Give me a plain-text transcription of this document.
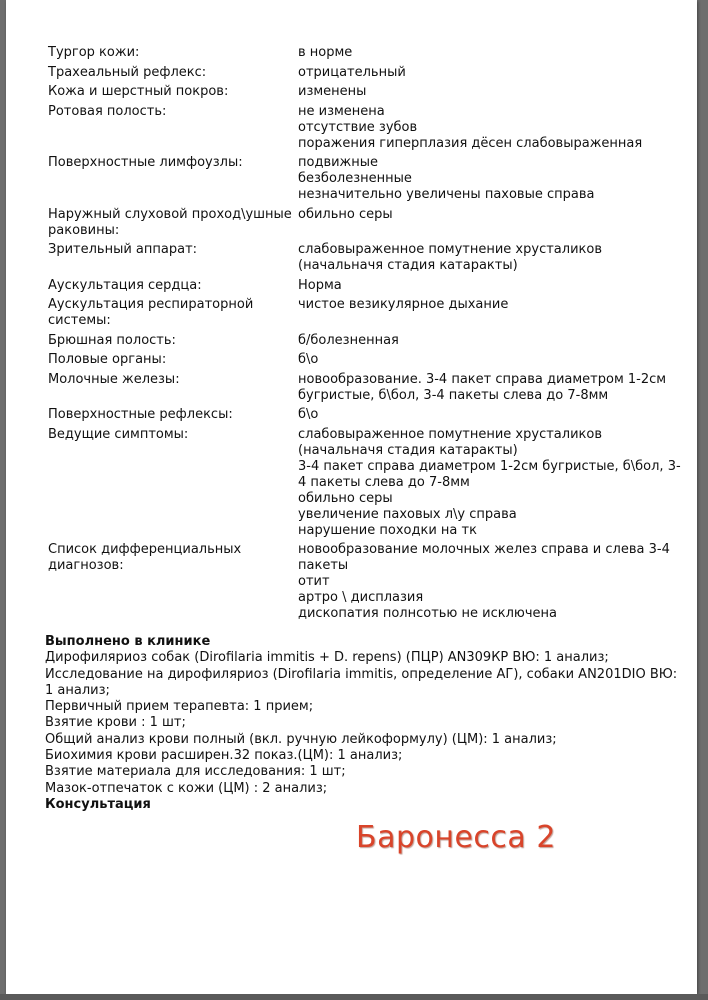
Тургор кожи:	в норме
Трахеальный рефлекс:	отрицательный
Кожа и шерстный покров:	изменены
Ротовая полость:	не изменена
отсутствие зубов
поражения гиперплазия дёсен слабовыраженная
Поверхностные лимфоузлы:	подвижные
безболезненные
незначительно увеличены паховые справа
Наружный слуховой проход\ушные раковины:
обильно серы
Зрительный аппарат:	слабовыраженное помутнение хрусталиков (начальначя стадия катаракты)
Аускультация сердца:	Норма
Аускультация респираторной системы:
чистое везикулярное дыхание
Брюшная полость:	б/болезненная
Половые органы:	б\о
Молочные железы:	новообразование. 3-4 пакет справа диаметром 1-2см бугристые, б\бол, 3-4 пакеты слева до 7-8мм
Поверхностные рефлексы:	б\о
Ведущие симптомы:	слабовыраженное помутнение хрусталиков (начальначя стадия катаракты)
3-4 пакет справа диаметром 1-2см бугристые, б\бол, 3-4 пакеты слева до 7-8мм
обильно серы
увеличение паховых л\у справа
нарушение походки на тк
Список дифференциальных диагнозов:
новообразование молочных желез справа и слева 3-4 пакеты
отит
артро \ дисплазия
дископатия полнсотью не исключена
Выполнено в клинике
Дирофиляриоз собак (Dirofilaria immitis + D. repens) (ПЦР) AN309КР ВЮ: 1 анализ;
Исследование на дирофиляриоз (Dirofilaria immitis, определение АГ), собаки AN201DIO ВЮ: 1 анализ;
Первичный прием терапевта: 1 прием;
Взятие крови : 1 шт;
Общий анализ крови полный (вкл. ручную лейкоформулу) (ЦМ): 1 анализ;
Биохимия крови расширен.32 показ.(ЦМ): 1 анализ;
Взятие материала для исследования: 1 шт;
Мазок-отпечаток с кожи (ЦМ) : 2 анализ;
Консультация
Баронесса 2
